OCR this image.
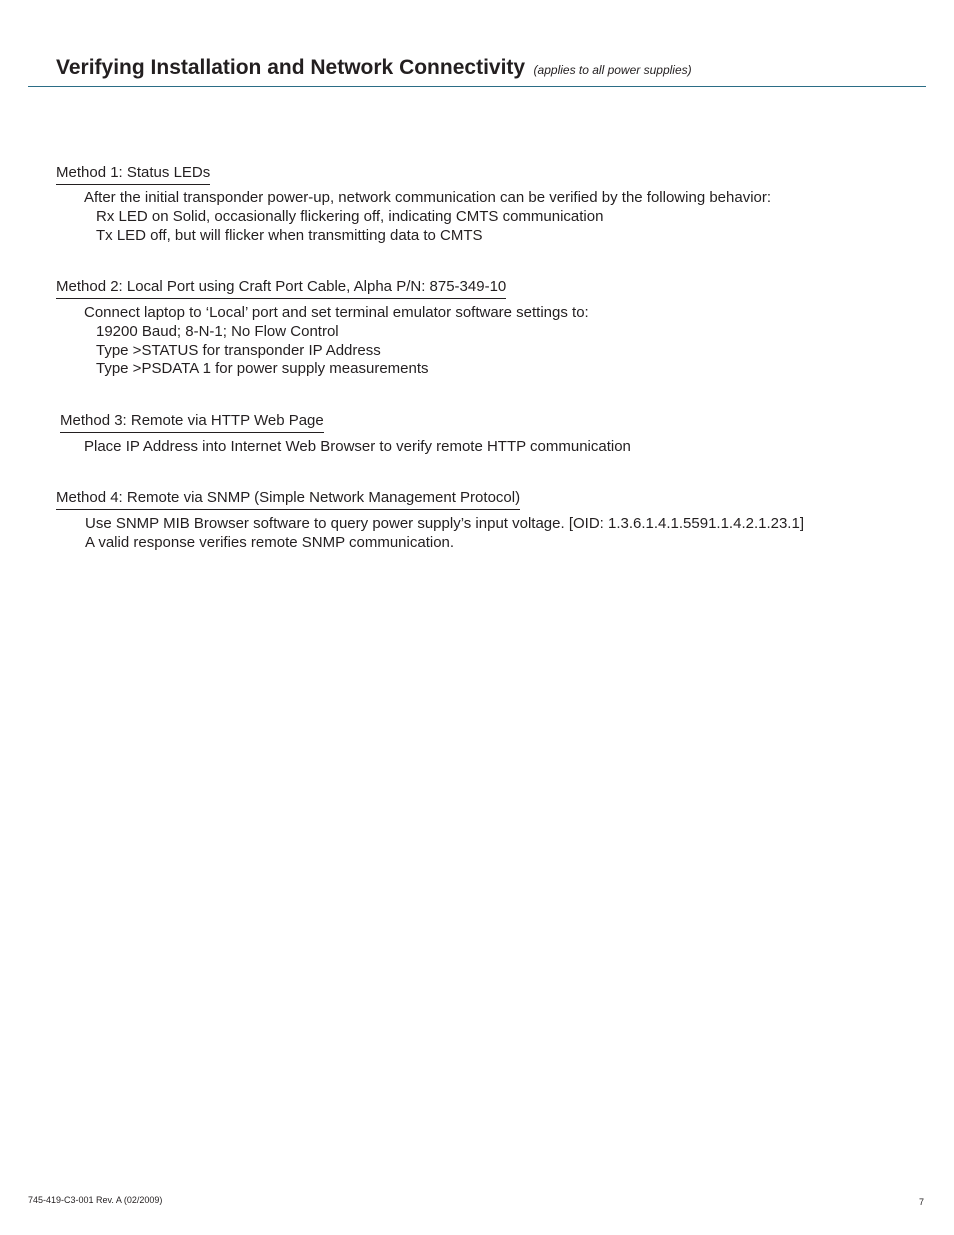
Verifying Installation and Network Connectivity (applies to all power supplies)
Method 1: Status LEDs
After the initial transponder power-up, network communication can be verified by the following behavior:
Rx LED on Solid, occasionally flickering off, indicating CMTS communication
Tx LED off, but will flicker when transmitting data to CMTS
Method 2: Local Port using Craft Port Cable, Alpha P/N: 875-349-10
Connect laptop to ‘Local’ port and set terminal emulator software settings to:
19200 Baud; 8-N-1; No Flow Control
Type >STATUS for transponder IP Address
Type >PSDATA 1 for power supply measurements
Method 3: Remote via HTTP Web Page
Place IP Address into Internet Web Browser to verify remote HTTP communication
Method 4: Remote via SNMP (Simple Network Management Protocol)
Use SNMP MIB Browser software to query power supply’s input voltage. [OID: 1.3.6.1.4.1.5591.1.4.2.1.23.1]
A valid response verifies remote SNMP communication.
745-419-C3-001 Rev. A (02/2009)	7
